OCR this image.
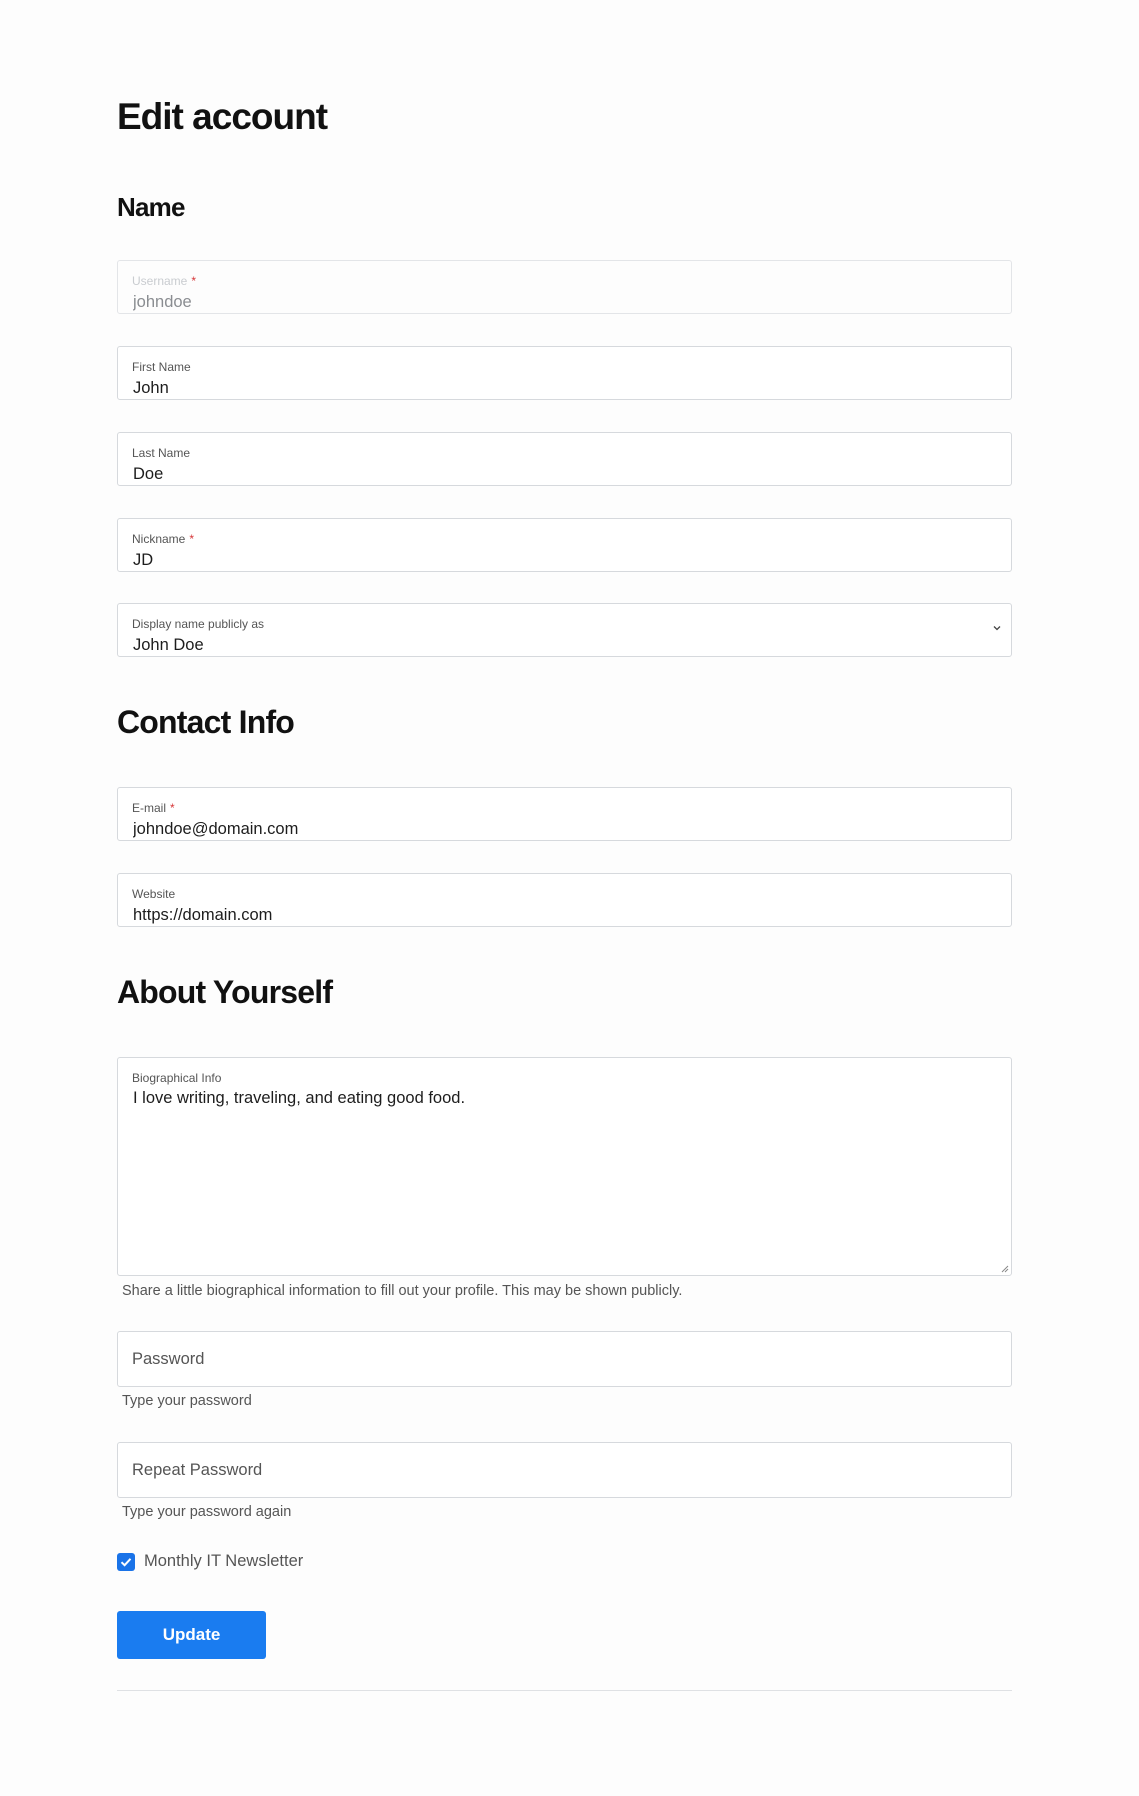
Edit account
Name
Username *
johndoe
First Name
John
Last Name
Doe
Nickname *
JD
Display name publicly as
John Doe
Contact Info
E-mail *
johndoe@domain.com
Website
https://domain.com
About Yourself
Biographical Info
I love writing, traveling, and eating good food.
Share a little biographical information to fill out your profile. This may be shown publicly.
Type your password
Type your password again
Monthly IT Newsletter
Update
